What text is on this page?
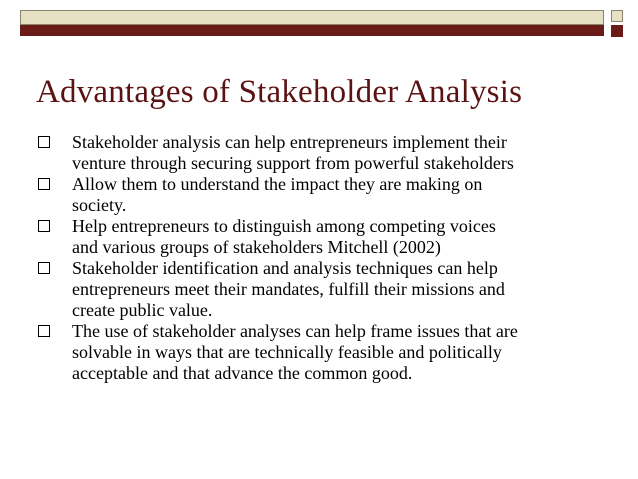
Advantages of Stakeholder Analysis
Stakeholder analysis can help entrepreneurs implement their
venture through securing support from powerful stakeholders
Allow them to understand the impact they are making on
society.
Help entrepreneurs to distinguish among competing voices
and various groups of stakeholders Mitchell (2002)
Stakeholder identification and analysis techniques can help
entrepreneurs meet their mandates, fulfill their missions and
create public value.
The use of stakeholder analyses can help frame issues that are
solvable in ways that are technically feasible and politically
acceptable and that advance the common good.
